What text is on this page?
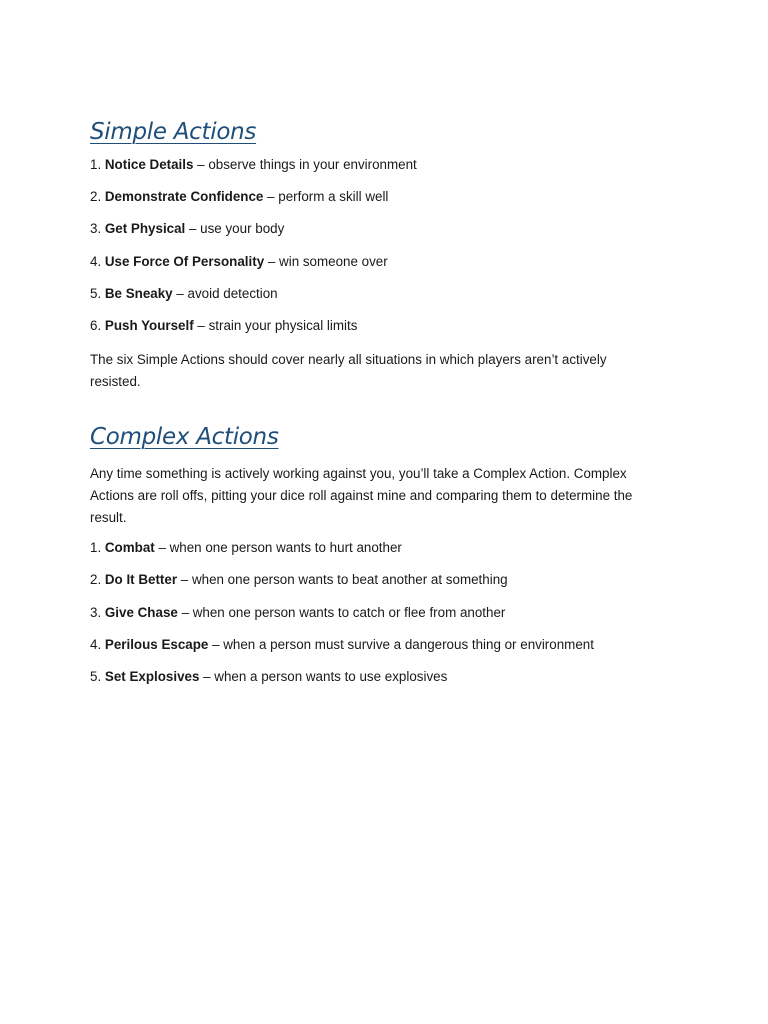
Simple Actions

1. Notice Details – observe things in your environment

2. Demonstrate Confidence – perform a skill well

3. Get Physical – use your body

4. Use Force Of Personality – win someone over

5. Be Sneaky – avoid detection

6. Push Yourself – strain your physical limits

The six Simple Actions should cover nearly all situations in which players aren’t actively resisted.

Complex Actions

Any time something is actively working against you, you’ll take a Complex Action. Complex Actions are roll offs, pitting your dice roll against mine and comparing them to determine the result.

1. Combat – when one person wants to hurt another

2. Do It Better – when one person wants to beat another at something

3. Give Chase – when one person wants to catch or flee from another

4. Perilous Escape – when a person must survive a dangerous thing or environment

5. Set Explosives – when a person wants to use explosives
